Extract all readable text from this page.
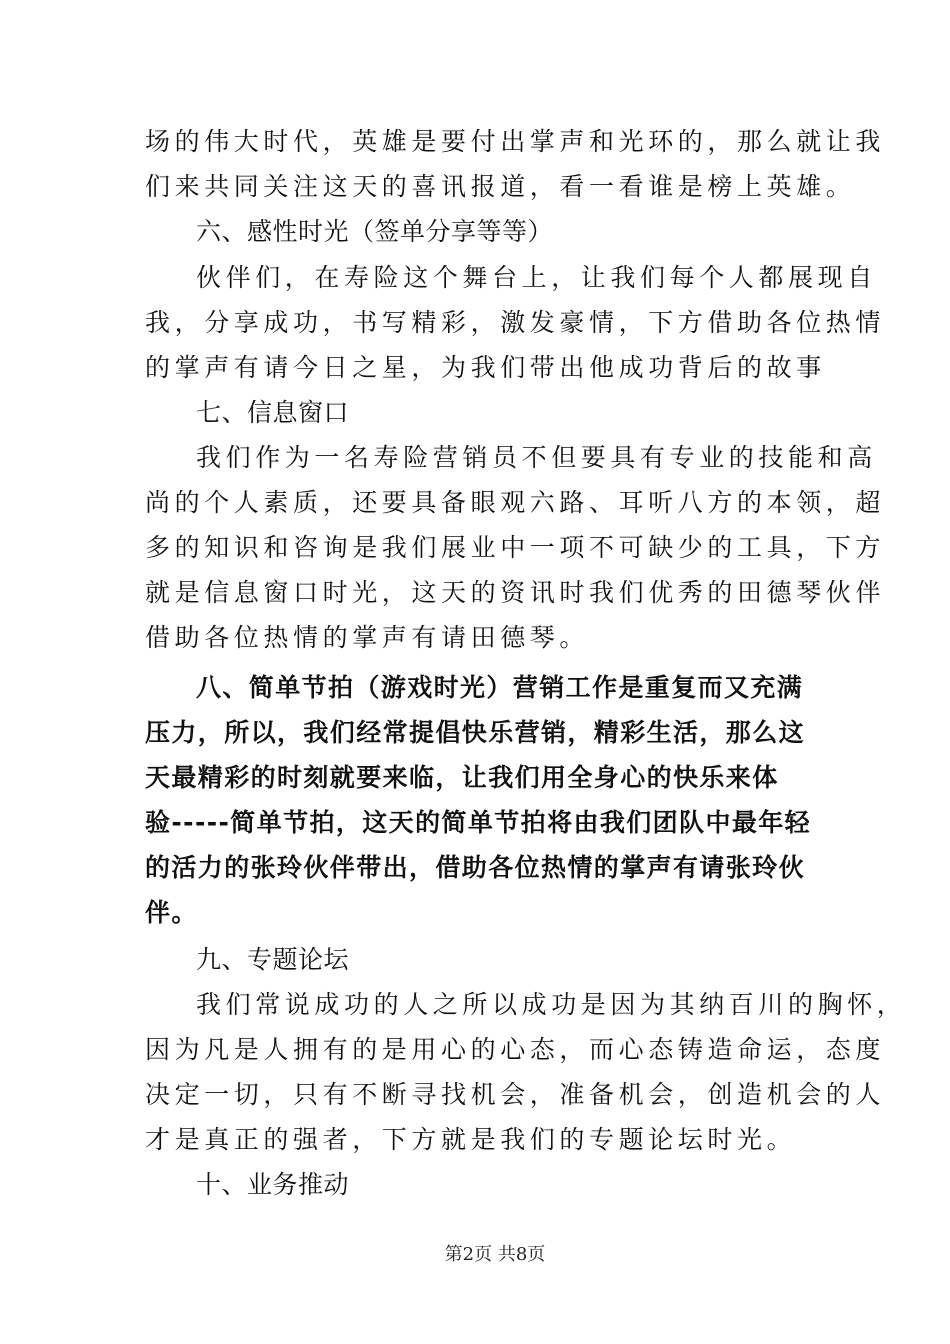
场的伟大时代，英雄是要付出掌声和光环的，那么就让我
们来共同关注这天的喜讯报道，看一看谁是榜上英雄。
六、感性时光（签单分享等等）
伙伴们，在寿险这个舞台上，让我们每个人都展现自
我，分享成功，书写精彩，激发豪情，下方借助各位热情
的掌声有请今日之星，为我们带出他成功背后的故事
七、信息窗口
我们作为一名寿险营销员不但要具有专业的技能和高
尚的个人素质，还要具备眼观六路、耳听八方的本领，超
多的知识和咨询是我们展业中一项不可缺少的工具，下方
就是信息窗口时光，这天的资讯时我们优秀的田德琴伙伴
借助各位热情的掌声有请田德琴。
八、简单节拍（游戏时光）营销工作是重复而又充满
压力，所以，我们经常提倡快乐营销，精彩生活，那么这
天最精彩的时刻就要来临，让我们用全身心的快乐来体
验-----简单节拍，这天的简单节拍将由我们团队中最年轻
的活力的张玲伙伴带出，借助各位热情的掌声有请张玲伙
伴。
九、专题论坛
我们常说成功的人之所以成功是因为其纳百川的胸怀，
因为凡是人拥有的是用心的心态，而心态铸造命运，态度
决定一切，只有不断寻找机会，准备机会，创造机会的人
才是真正的强者，下方就是我们的专题论坛时光。
十、业务推动
第2页 共8页
